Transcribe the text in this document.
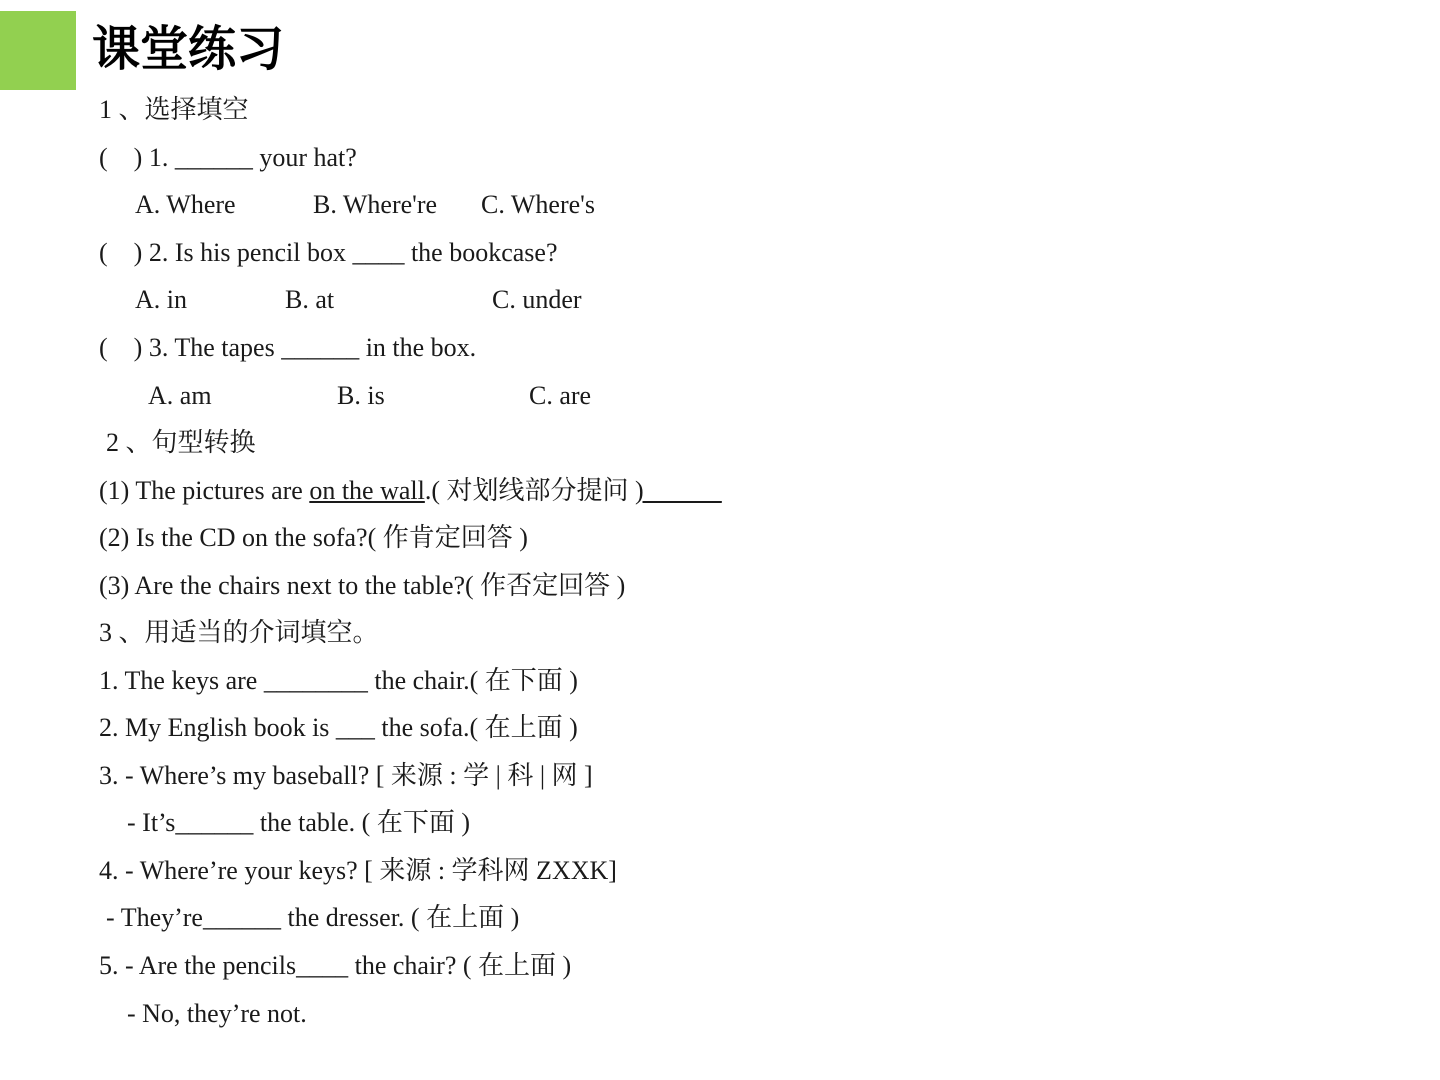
课堂练习
1 、选择填空
(    ) 1. ______ your hat?
A. Where	B. Where're C. Where's
(    ) 2. Is his pencil box ____ the bookcase?
A. in	B. at	C. under
(    ) 3. The tapes ______ in the box.
A. am	B. is	C. are
2 、句型转换
(1) The pictures are on the wall.( 对划线部分提问 )______
(2) Is the CD on the sofa?( 作肯定回答 )
(3) Are the chairs next to the table?( 作否定回答 )
3 、用适当的介词填空。
1. The keys are ________ the chair.( 在下面 )
2. My English book is ___ the sofa.( 在上面 )
3. - Where’s my baseball? [ 来源 : 学 | 科 | 网 ]
- It’s______ the table. ( 在下面 )
4. - Where’re your keys? [ 来源 : 学科网 ZXXK]
- They’re______ the dresser. ( 在上面 )
5. - Are the pencils____ the chair? ( 在上面 )
- No, they’re not.
